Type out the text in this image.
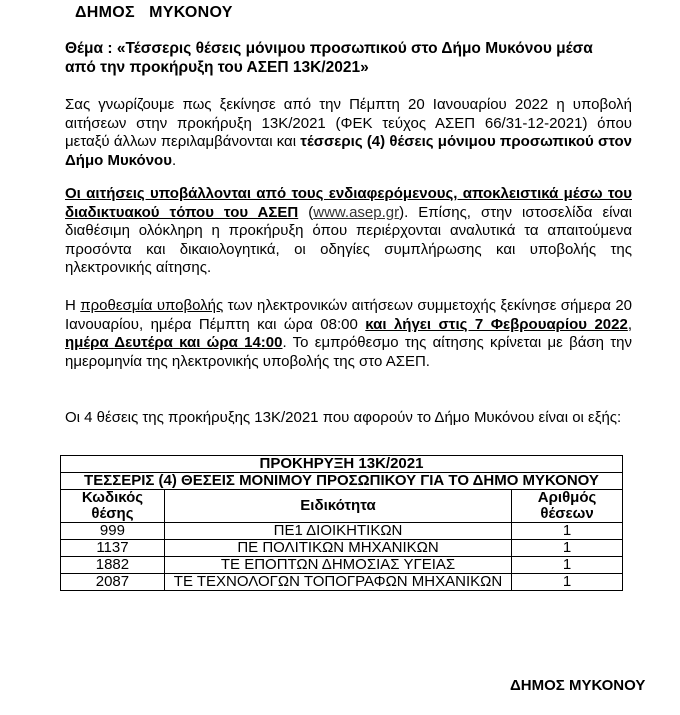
ΔΗΜΟΣ   ΜΥΚΟΝΟΥ
Θέμα : «Τέσσερις θέσεις μόνιμου προσωπικού στο Δήμο Μυκόνου μέσα από την προκήρυξη του ΑΣΕΠ 13Κ/2021»
Σας γνωρίζουμε πως ξεκίνησε από την Πέμπτη 20 Ιανουαρίου 2022 η υποβολή αιτήσεων στην προκήρυξη 13Κ/2021 (ΦΕΚ τεύχος ΑΣΕΠ 66/31-12-2021) όπου μεταξύ άλλων περιλαμβάνονται και τέσσερις (4) θέσεις μόνιμου προσωπικού στον Δήμο Μυκόνου.
Οι αιτήσεις υποβάλλονται από τους ενδιαφερόμενους, αποκλειστικά μέσω του διαδικτυακού τόπου του ΑΣΕΠ (www.asep.gr). Επίσης, στην ιστοσελίδα είναι διαθέσιμη ολόκληρη η προκήρυξη όπου περιέρχονται αναλυτικά τα απαιτούμενα προσόντα και δικαιολογητικά, οι οδηγίες συμπλήρωσης και υποβολής της ηλεκτρονικής αίτησης.
Η προθεσμία υποβολής των ηλεκτρονικών αιτήσεων συμμετοχής ξεκίνησε σήμερα 20 Ιανουαρίου, ημέρα Πέμπτη και ώρα 08:00 και λήγει στις 7 Φεβρουαρίου 2022, ημέρα Δευτέρα και ώρα 14:00. Το εμπρόθεσμο της αίτησης κρίνεται με βάση την ημερομηνία της ηλεκτρονικής υποβολής της στο ΑΣΕΠ.
Οι 4 θέσεις της προκήρυξης 13Κ/2021 που αφορούν το Δήμο Μυκόνου είναι οι εξής:
ΠΡΟΚΗΡΥΞΗ 13Κ/2021		
ΤΕΣΣΕΡΙΣ (4) ΘΕΣΕΙΣ ΜΟΝΙΜΟΥ ΠΡΟΣΩΠΙΚΟΥ ΓΙΑ ΤΟ ΔΗΜΟ ΜΥΚΟΝΟΥ		
Κωδικός θέσης	Ειδικότητα	Αριθμός θέσεων
999	ΠΕ1 ΔΙΟΙΚΗΤΙΚΩΝ	1
1137	ΠΕ ΠΟΛΙΤΙΚΩΝ ΜΗΧΑΝΙΚΩΝ	1
1882	ΤΕ ΕΠΟΠΤΩΝ ΔΗΜΟΣΙΑΣ ΥΓΕΙΑΣ	1
2087	ΤΕ ΤΕΧΝΟΛΟΓΩΝ ΤΟΠΟΓΡΑΦΩΝ ΜΗΧΑΝΙΚΩΝ	1
ΔΗΜΟΣ ΜΥΚΟΝΟΥ
